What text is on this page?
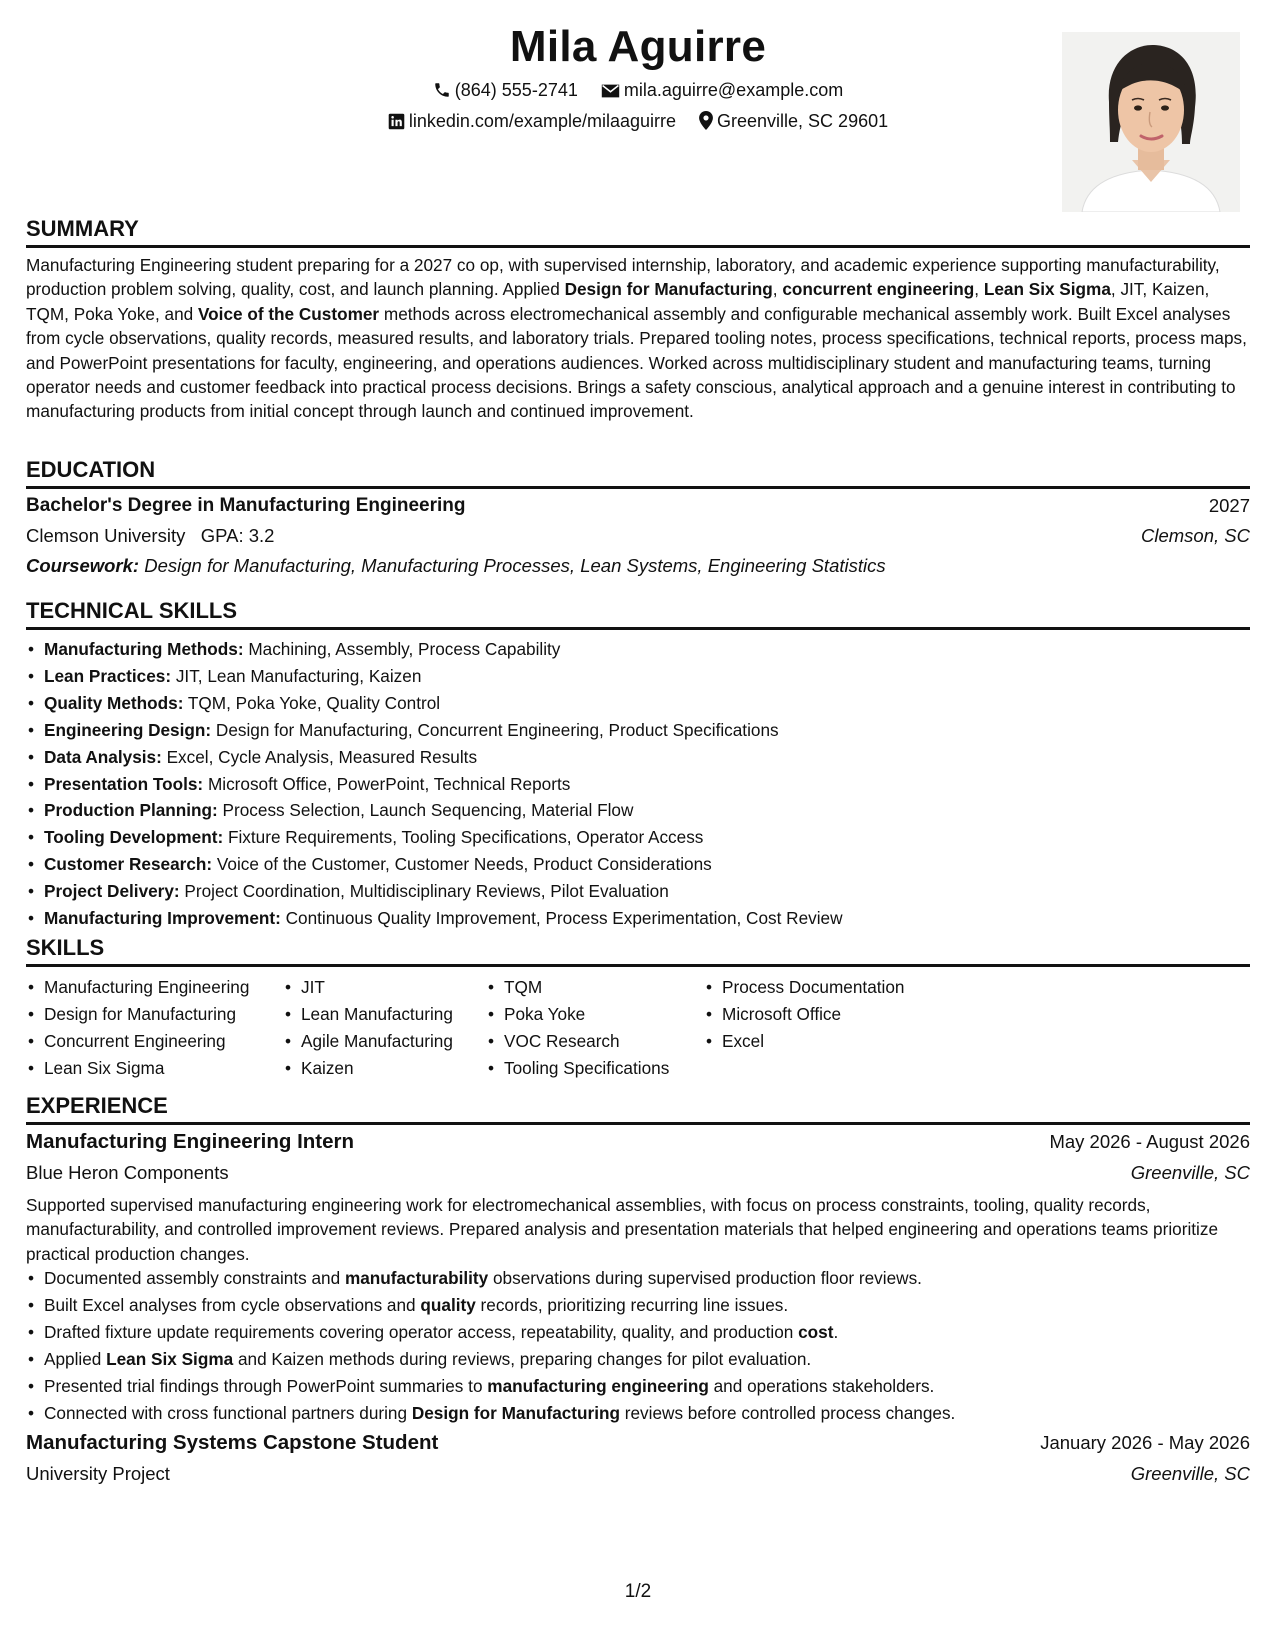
Mila Aguirre
(864) 555-2741	mila.aguirre@example.com
linkedin.com/example/milaaguirre Greenville, SC 29601
SUMMARY
Manufacturing Engineering student preparing for a 2027 co op, with supervised internship, laboratory, and academic experience supporting manufacturability, production problem solving, quality, cost, and launch planning. Applied Design for Manufacturing, concurrent engineering, Lean Six Sigma, JIT, Kaizen, TQM, Poka Yoke, and Voice of the Customer methods across electromechanical assembly and configurable mechanical assembly work. Built Excel analyses from cycle observations, quality records, measured results, and laboratory trials. Prepared tooling notes, process specifications, technical reports, process maps, and PowerPoint presentations for faculty, engineering, and operations audiences. Worked across multidisciplinary student and manufacturing teams, turning operator needs and customer feedback into practical process decisions. Brings a safety conscious, analytical approach and a genuine interest in contributing to manufacturing products from initial concept through launch and continued improvement.
EDUCATION
Bachelor's Degree in Manufacturing Engineering	2027
Clemson University GPA: 3.2	Clemson, SC
Coursework: Design for Manufacturing, Manufacturing Processes, Lean Systems, Engineering Statistics
TECHNICAL SKILLS
• Manufacturing Methods: Machining, Assembly, Process Capability
• Lean Practices: JIT, Lean Manufacturing, Kaizen
• Quality Methods: TQM, Poka Yoke, Quality Control
• Engineering Design: Design for Manufacturing, Concurrent Engineering, Product Specifications
• Data Analysis: Excel, Cycle Analysis, Measured Results
• Presentation Tools: Microsoft Office, PowerPoint, Technical Reports
• Production Planning: Process Selection, Launch Sequencing, Material Flow
• Tooling Development: Fixture Requirements, Tooling Specifications, Operator Access
• Customer Research: Voice of the Customer, Customer Needs, Product Considerations
• Project Delivery: Project Coordination, Multidisciplinary Reviews, Pilot Evaluation
• Manufacturing Improvement: Continuous Quality Improvement, Process Experimentation, Cost Review
SKILLS
• Manufacturing Engineering
• Design for Manufacturing
• Concurrent Engineering
• Lean Six Sigma
• JIT
• Lean Manufacturing
• Agile Manufacturing
• Kaizen
• TQM
• Poka Yoke
• VOC Research
• Tooling Specifications
• Process Documentation
• Microsoft Office
• Excel
EXPERIENCE
Manufacturing Engineering Intern	May 2026 - August 2026
Blue Heron Components	Greenville, SC
Supported supervised manufacturing engineering work for electromechanical assemblies, with focus on process constraints, tooling, quality records, manufacturability, and controlled improvement reviews. Prepared analysis and presentation materials that helped engineering and operations teams prioritize practical production changes.
• Documented assembly constraints and manufacturability observations during supervised production floor reviews.
• Built Excel analyses from cycle observations and quality records, prioritizing recurring line issues.
• Drafted fixture update requirements covering operator access, repeatability, quality, and production cost.
• Applied Lean Six Sigma and Kaizen methods during reviews, preparing changes for pilot evaluation.
• Presented trial findings through PowerPoint summaries to manufacturing engineering and operations stakeholders.
• Connected with cross functional partners during Design for Manufacturing reviews before controlled process changes.
Manufacturing Systems Capstone Student	January 2026 - May 2026
University Project	Greenville, SC
1/2
